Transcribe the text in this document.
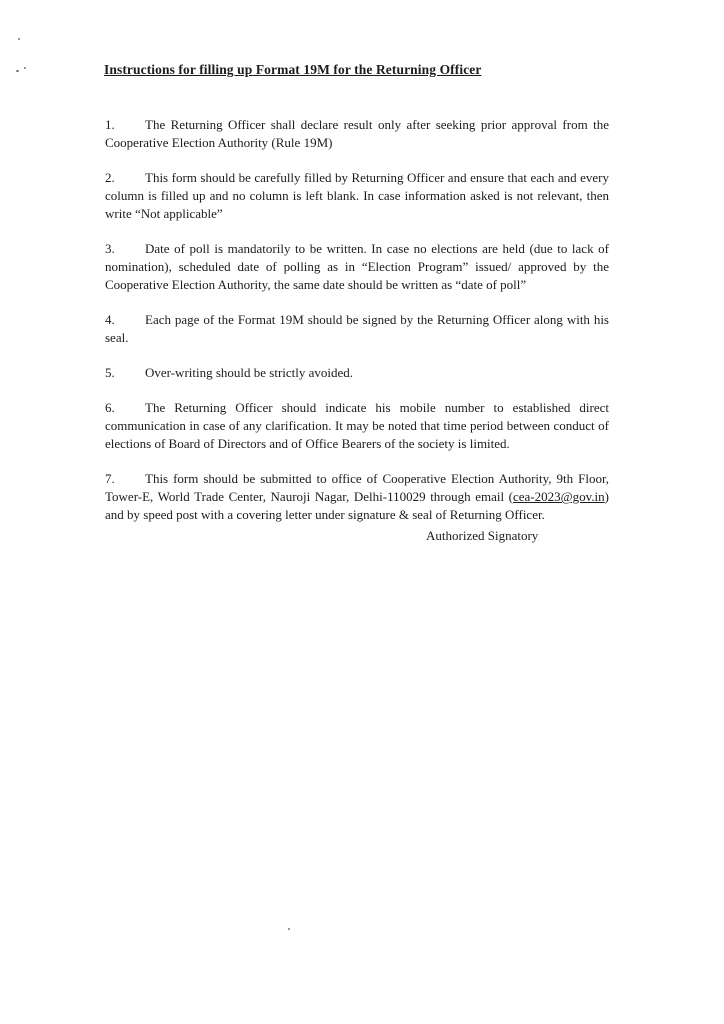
Instructions for filling up Format 19M for the Returning Officer
1. The Returning Officer shall declare result only after seeking prior approval from the Cooperative Election Authority (Rule 19M)
2. This form should be carefully filled by Returning Officer and ensure that each and every column is filled up and no column is left blank. In case information asked is not relevant, then write “Not applicable”
3. Date of poll is mandatorily to be written. In case no elections are held (due to lack of nomination), scheduled date of polling as in “Election Program” issued/ approved by the Cooperative Election Authority, the same date should be written as “date of poll”
4. Each page of the Format 19M should be signed by the Returning Officer along with his seal.
5. Over-writing should be strictly avoided.
6. The Returning Officer should indicate his mobile number to established direct communication in case of any clarification. It may be noted that time period between conduct of elections of Board of Directors and of Office Bearers of the society is limited.
7. This form should be submitted to office of Cooperative Election Authority, 9th Floor, Tower-E, World Trade Center, Nauroji Nagar, Delhi-110029 through email (cea-2023@gov.in) and by speed post with a covering letter under signature & seal of Returning Officer.
Authorized Signatory
